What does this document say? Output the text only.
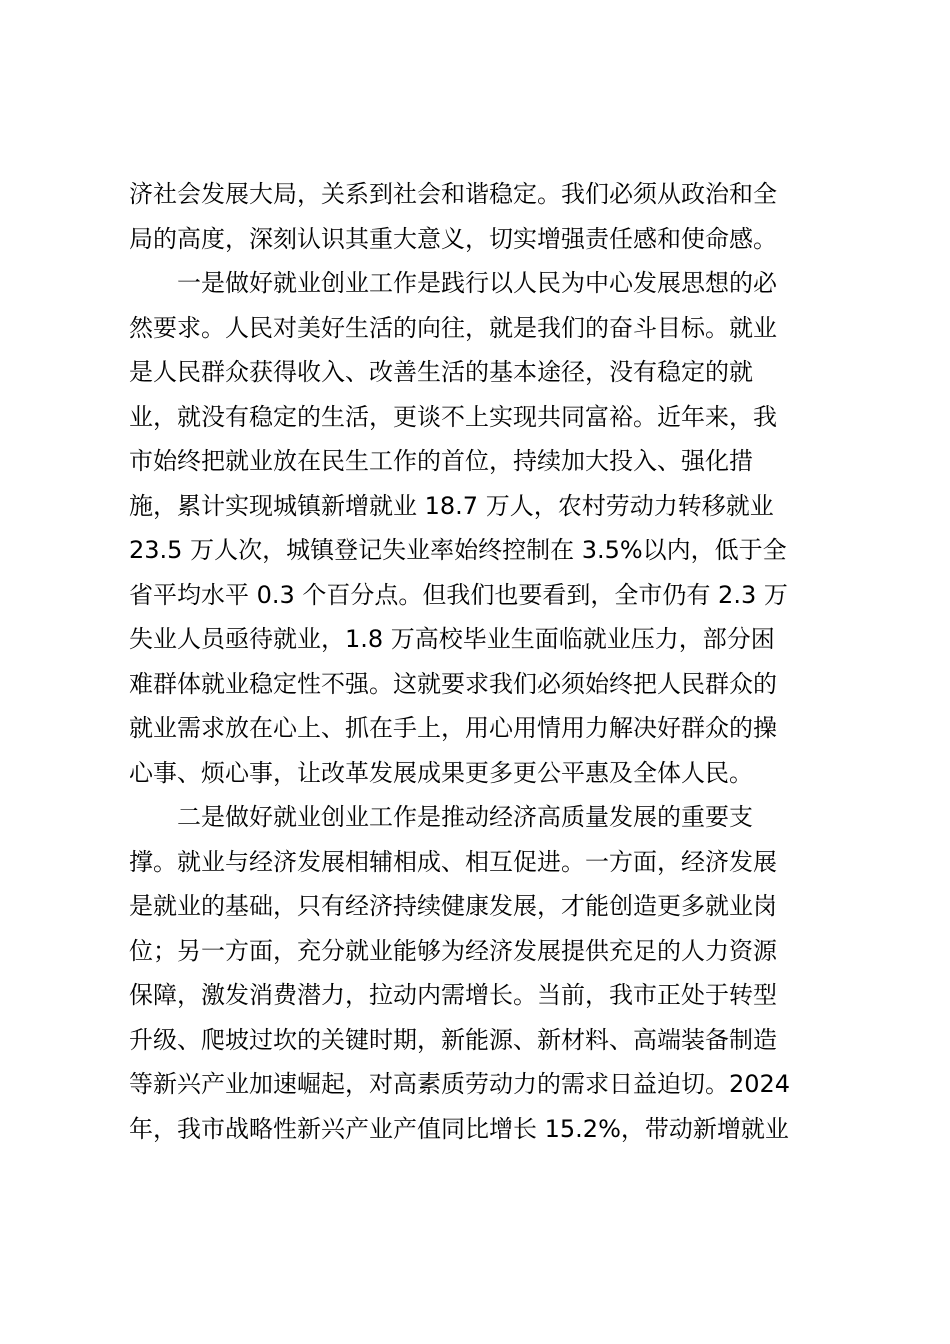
济社会发展大局，关系到社会和谐稳定。我们必须从政治和全
局的高度，深刻认识其重大意义，切实增强责任感和使命感。
一是做好就业创业工作是践行以人民为中心发展思想的必
然要求。人民对美好生活的向往，就是我们的奋斗目标。就业
是人民群众获得收入、改善生活的基本途径，没有稳定的就
业，就没有稳定的生活，更谈不上实现共同富裕。近年来，我
市始终把就业放在民生工作的首位，持续加大投入、强化措
施，累计实现城镇新增就业 18.7 万人，农村劳动力转移就业
23.5 万人次，城镇登记失业率始终控制在 3.5%以内，低于全
省平均水平 0.3 个百分点。但我们也要看到，全市仍有 2.3 万
失业人员亟待就业，1.8 万高校毕业生面临就业压力，部分困
难群体就业稳定性不强。这就要求我们必须始终把人民群众的
就业需求放在心上、抓在手上，用心用情用力解决好群众的操
心事、烦心事，让改革发展成果更多更公平惠及全体人民。
二是做好就业创业工作是推动经济高质量发展的重要支
撑。就业与经济发展相辅相成、相互促进。一方面，经济发展
是就业的基础，只有经济持续健康发展，才能创造更多就业岗
位；另一方面，充分就业能够为经济发展提供充足的人力资源
保障，激发消费潜力，拉动内需增长。当前，我市正处于转型
升级、爬坡过坎的关键时期，新能源、新材料、高端装备制造
等新兴产业加速崛起，对高素质劳动力的需求日益迫切。2024
年，我市战略性新兴产业产值同比增长 15.2%，带动新增就业
